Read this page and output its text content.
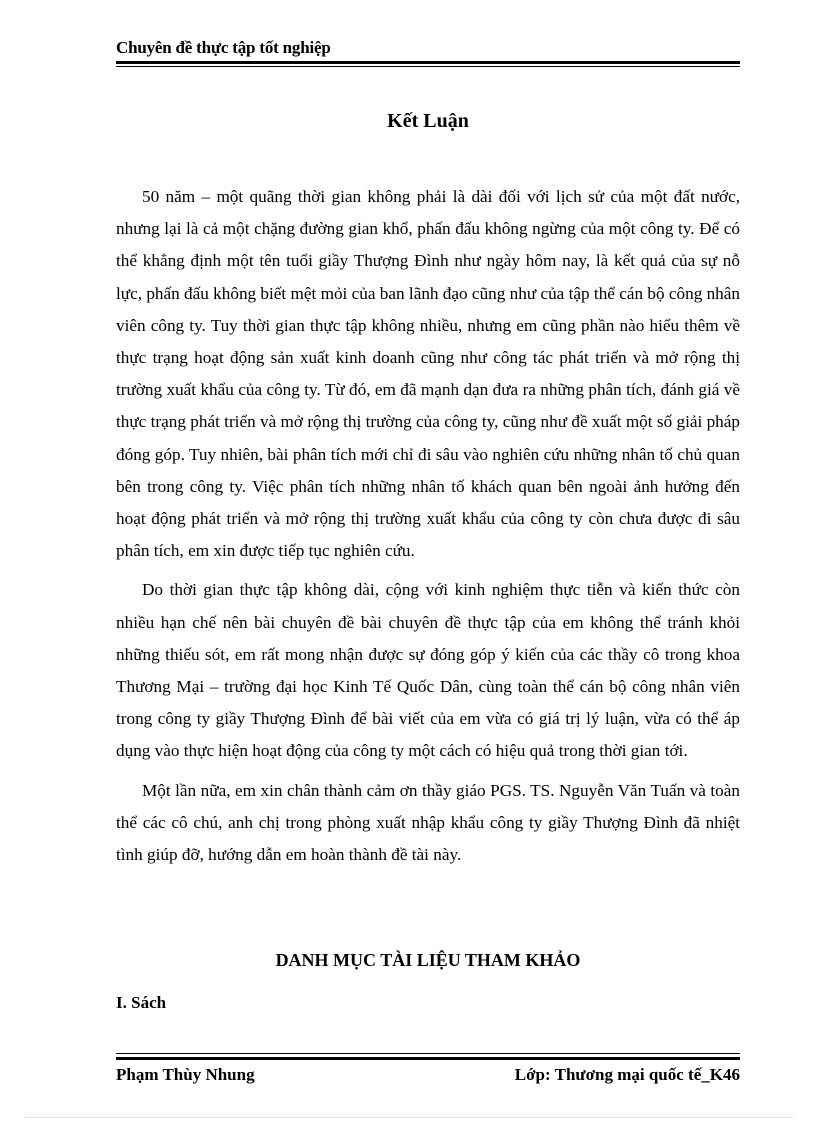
Chuyên đề thực tập tốt nghiệp
Kết Luận

50 năm – một quãng thời gian không phải là dài đối với lịch sử của một đất nước, nhưng lại là cả một chặng đường gian khổ, phấn đấu không ngừng của một công ty. Để có thể khẳng định một tên tuổi giầy Thượng Đình như ngày hôm nay, là kết quả của sự nỗ lực, phấn đấu không biết mệt mỏi của ban lãnh đạo cũng như của tập thể cán bộ công nhân viên công ty. Tuy thời gian thực tập không nhiều, nhưng em cũng phần nào hiểu thêm về thực trạng hoạt động sản xuất kinh doanh cũng như công tác phát triển và mở rộng thị trường xuất khẩu của công ty. Từ đó, em đã mạnh dạn đưa ra những phân tích, đánh giá về thực trạng phát triển và mở rộng thị trường của công ty, cũng như đề xuất một số giải pháp đóng góp. Tuy nhiên, bài phân tích mới chỉ đi sâu vào nghiên cứu những nhân tố chủ quan bên trong công ty. Việc phân tích những nhân tố khách quan bên ngoài ảnh hưởng đến hoạt động phát triển và mở rộng thị trường xuất khẩu của công ty còn chưa được đi sâu phân tích, em xin được tiếp tục nghiên cứu.

Do thời gian thực tập không dài, cộng với kinh nghiệm thực tiễn và kiến thức còn nhiều hạn chế nên bài chuyên đề bài chuyên đề thực tập của em không thể tránh khỏi những thiếu sót, em rất mong nhận được sự đóng góp ý kiến của các thầy cô trong khoa Thương Mại – trường đại học Kinh Tế Quốc Dân, cùng toàn thể cán bộ công nhân viên trong công ty giầy Thượng Đình để bài viết của em vừa có giá trị lý luận, vừa có thể áp dụng vào thực hiện hoạt động của công ty một cách có hiệu quả trong thời gian tới.

Một lần nữa, em xin chân thành cảm ơn thầy giáo PGS. TS. Nguyễn Văn Tuấn và toàn thể các cô chú, anh chị trong phòng xuất nhập khẩu công ty giầy Thượng Đình đã nhiệt tình giúp đỡ, hướng dẫn em hoàn thành đề tài này.

DANH MỤC TÀI LIỆU THAM KHẢO
I. Sách
Phạm Thùy Nhung	Lớp: Thương mại quốc tế_K46
